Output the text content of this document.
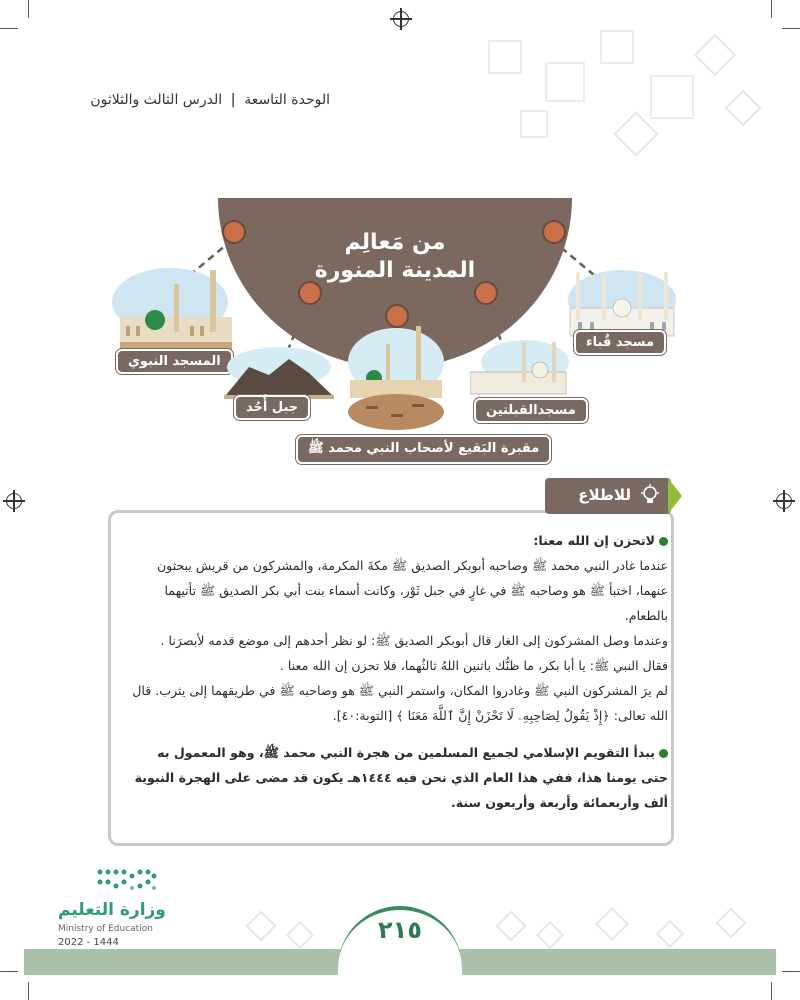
الوحدة التاسعة | الدرس الثالث والثلاثون
من مَعالِم
المدينة المنورة
المسجد النبوي
جبل أُحُد
مقبرة البَقيع لأصحاب النبي محمد ﷺ
مسجدالقبلتين
مسجد قُباء
للاطلاع

لاتحزن إن الله معنا:

عندما غادر النبي محمد ﷺ وصاحبه أبوبكر الصديق ﷺ مكةَ المكرمة، والمشركون من قريش يبحثون عنهما، اختبأ ﷺ هو وصاحبه ﷺ في غارٍ في جبل ثَوْر، وكانت أسماء بنت أبي بكر الصديق ﷺ تأتيهما بالطعام.

وعندما وصل المشركون إلى الغار قال أبوبكر الصديق ﷺ: لو نظر أحدهم إلى موضع قدمه لأبصرَنا .

فقال النبي ﷺ: يا أبا بكر، ما ظنُّك باثنين اللهُ ثالثُهما، فلا تحزن إن الله معنا .

لم يرَ المشركون النبي ﷺ وغادروا المكان، واستمر النبي ﷺ هو وصاحبه ﷺ في طريقهما إلى يثرب. قال الله تعالى: ﴿إِذْ يَقُولُ لِصَاحِبِهِۦ لَا تَحْزَنْ إِنَّ ٱللَّهَ مَعَنَا ﴾ [التوبة:٤٠].

يبدأ التقويم الإسلامي لجميع المسلمين من هجرة النبي محمد ﷺ، وهو المعمول به حتى يومنا هذا، ففي هذا العام الذي نحن فيه ١٤٤٤هـ يكون قد مضى على الهجرة النبوية ألف وأربعمائة وأربعة وأربعون سنة.

٢١٥
وزارة التعليم
Ministry of Education
2022 - 1444
